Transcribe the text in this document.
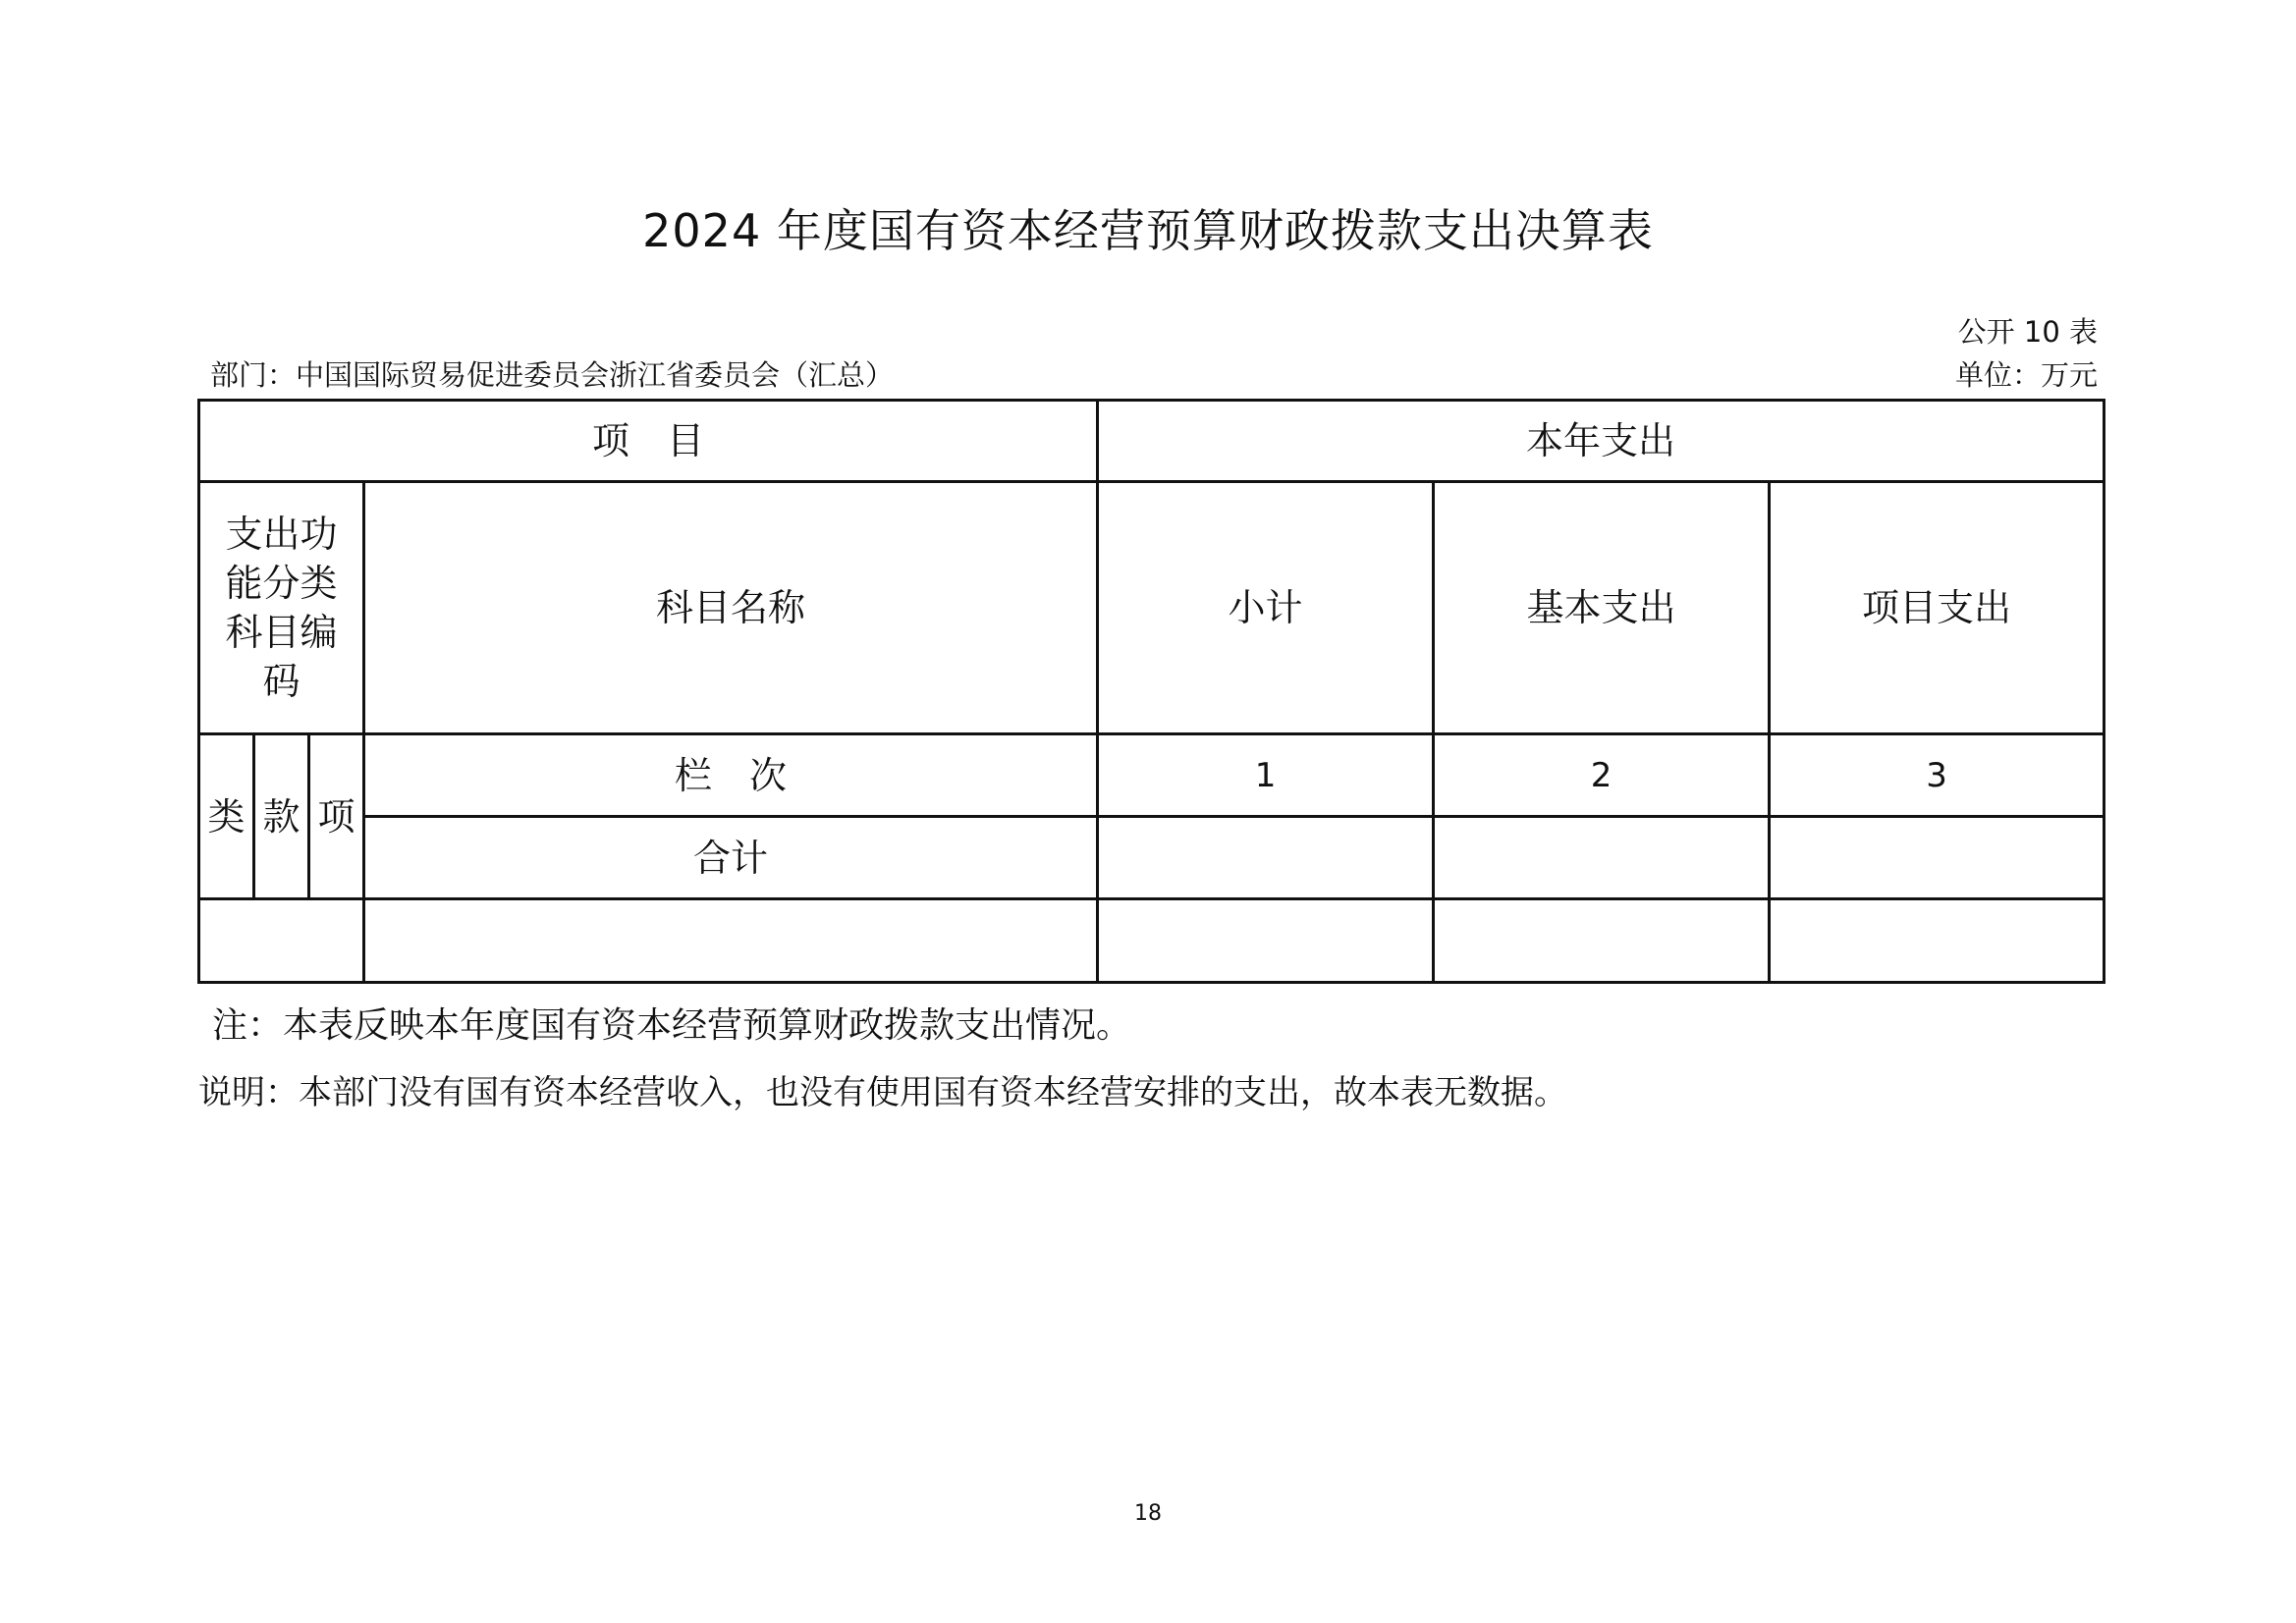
2024 年度国有资本经营预算财政拨款支出决算表
公开 10 表
部门：中国国际贸易促进委员会浙江省委员会（汇总）	单位：万元
项　目				本年支出		
支出功能分类科目编码			科目名称	小计	基本支出	项目支出
类	款	项	栏　次	1	2	3
			合计			

注：本表反映本年度国有资本经营预算财政拨款支出情况。
说明：本部门没有国有资本经营收入，也没有使用国有资本经营安排的支出，故本表无数据。
18
